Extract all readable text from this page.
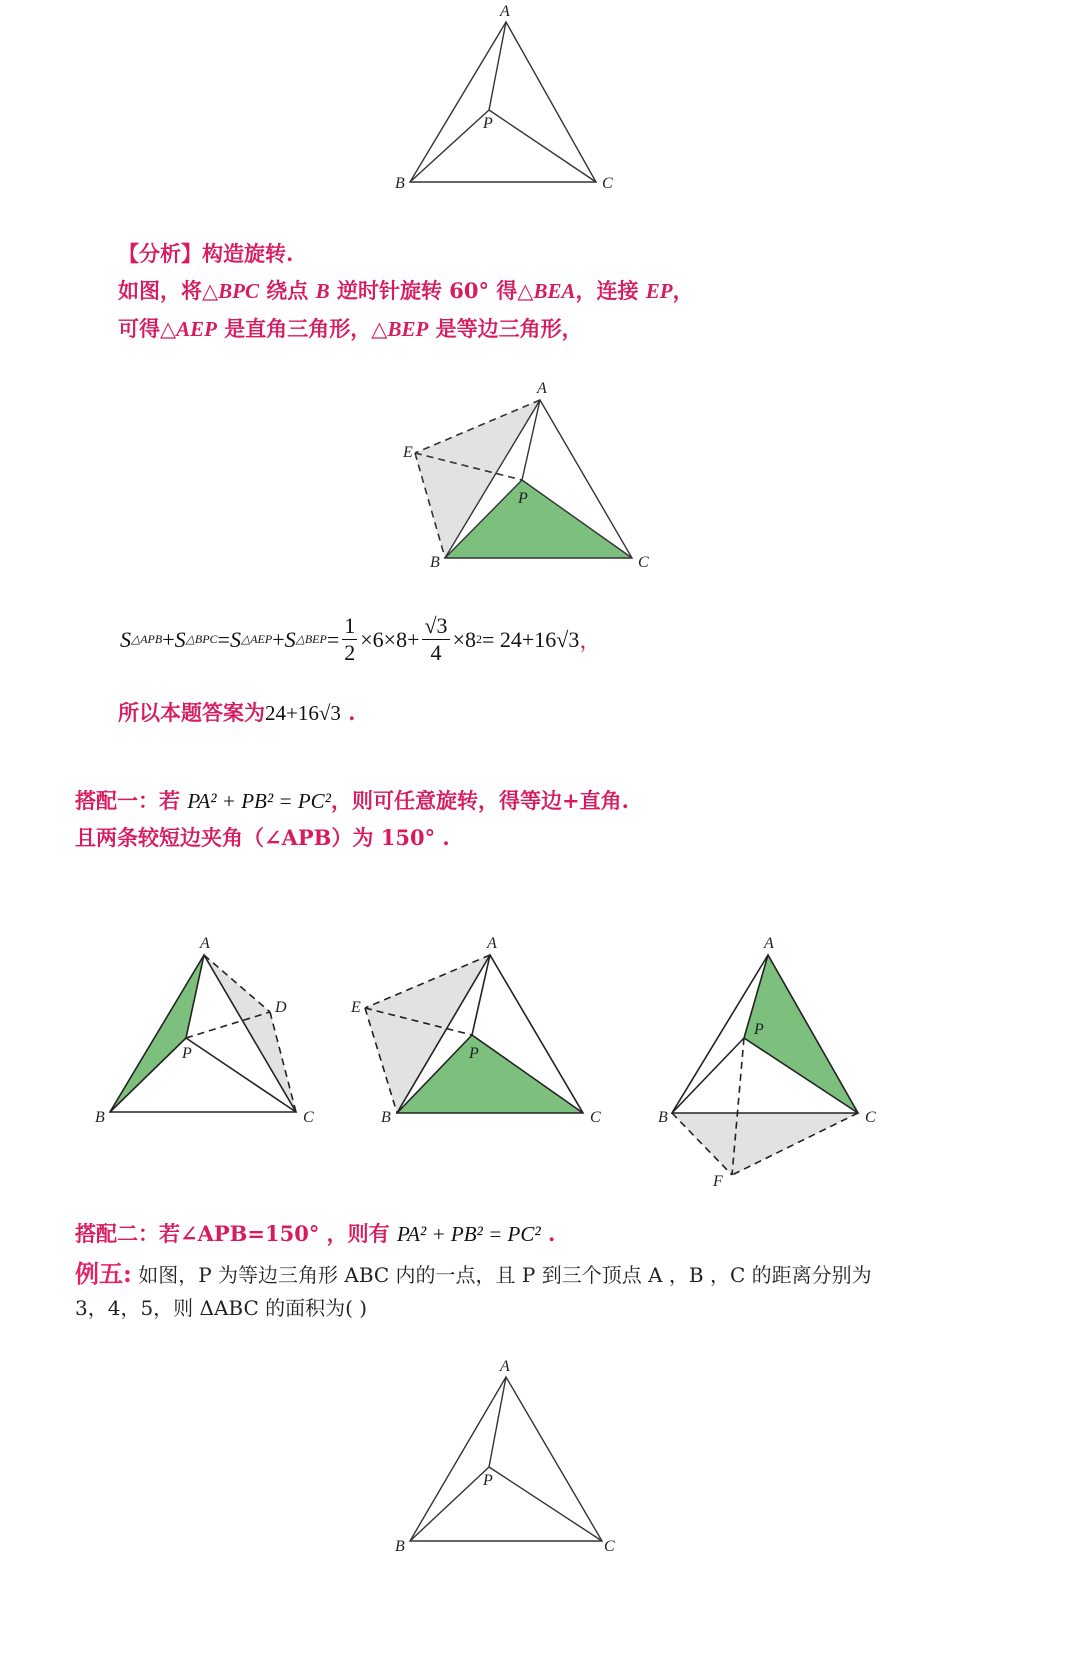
A
B	C
P
【分析】构造旋转.
如图，将△BPC 绕点 B 逆时针旋转 60° 得△BEA，连接 EP，
可得△AEP 是直角三角形，△BEP 是等边三角形，
A
E
P
B	C
S △APB + S △BPC = S △AEP + S △BEP = $\frac{1}{2} \times 6\times 8+ \frac{√3}{4} \times 8$ 2 = 24+16√3 ，
所以本题答案为24+16√3 .
搭配一：若 PA² + PB² = PC²，则可任意旋转，得等边+直角.
且两条较短边夹角（∠APB）为 150° .
A
D
P
B	C
A
E
P
B	C
A
P
B	C
F
搭配二：若∠APB=150° ，则有 PA² + PB² = PC² .
例五: 如图，P 为等边三角形 ABC 内的一点，且 P 到三个顶点 A ，B ，C 的距离分别为
3，4，5，则 ΔABC 的面积为( )
A
B	C
P
